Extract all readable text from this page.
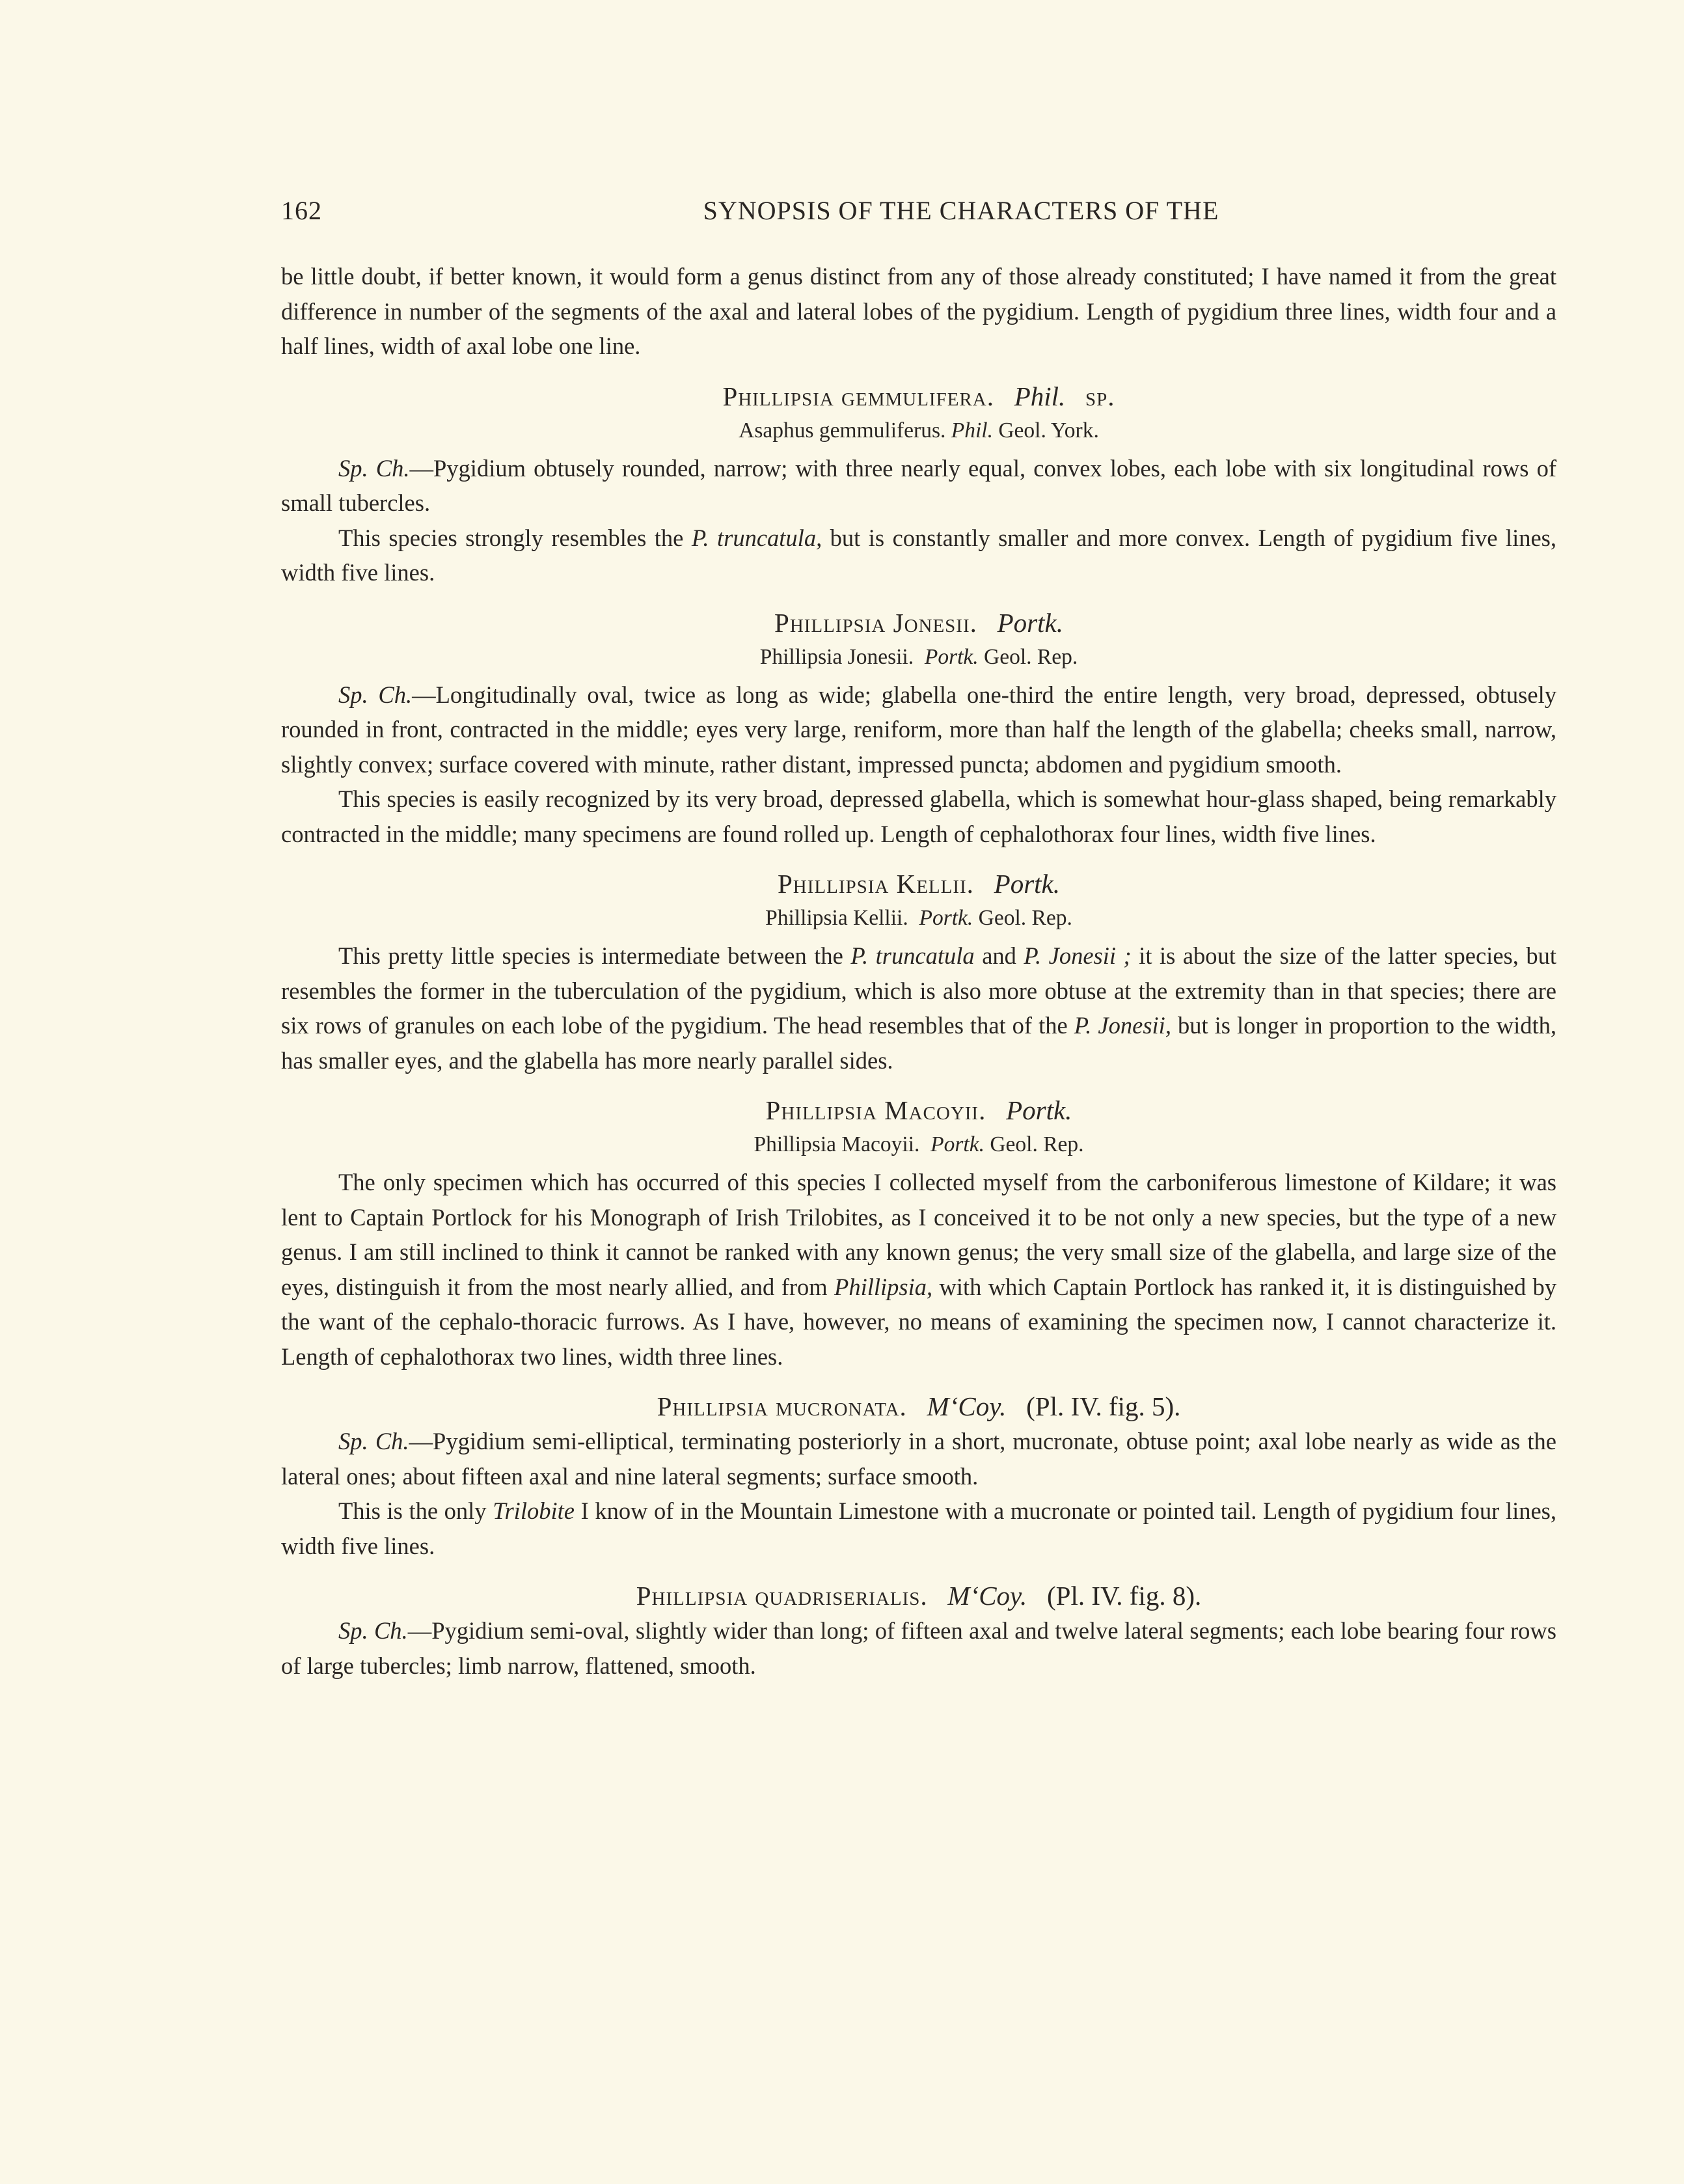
162	SYNOPSIS OF THE CHARACTERS OF THE

be little doubt, if better known, it would form a genus distinct from any of those already constituted; I have named it from the great difference in number of the segments of the axal and lateral lobes of the pygidium. Length of pygidium three lines, width four and a half lines, width of axal lobe one line.

Phillipsia gemmulifera. Phil. sp.
Asaphus gemmuliferus. Phil. Geol. York.

Sp. Ch.—Pygidium obtusely rounded, narrow; with three nearly equal, convex lobes, each lobe with six longitudinal rows of small tubercles.

This species strongly resembles the P. truncatula, but is constantly smaller and more convex. Length of pygidium five lines, width five lines.

Phillipsia Jonesii. Portk.
Phillipsia Jonesii. Portk. Geol. Rep.

Sp. Ch.—Longitudinally oval, twice as long as wide; glabella one-third the entire length, very broad, depressed, obtusely rounded in front, contracted in the middle; eyes very large, reniform, more than half the length of the glabella; cheeks small, narrow, slightly convex; surface covered with minute, rather distant, impressed puncta; abdomen and pygidium smooth.

This species is easily recognized by its very broad, depressed glabella, which is somewhat hour-glass shaped, being remarkably contracted in the middle; many specimens are found rolled up. Length of cephalothorax four lines, width five lines.

Phillipsia Kellii. Portk.
Phillipsia Kellii. Portk. Geol. Rep.

This pretty little species is intermediate between the P. truncatula and P. Jonesii ; it is about the size of the latter species, but resembles the former in the tuberculation of the pygidium, which is also more obtuse at the extremity than in that species; there are six rows of granules on each lobe of the pygidium. The head resembles that of the P. Jonesii, but is longer in proportion to the width, has smaller eyes, and the glabella has more nearly parallel sides.

Phillipsia Macoyii. Portk.
Phillipsia Macoyii. Portk. Geol. Rep.

The only specimen which has occurred of this species I collected myself from the carboniferous limestone of Kildare; it was lent to Captain Portlock for his Monograph of Irish Trilobites, as I conceived it to be not only a new species, but the type of a new genus. I am still inclined to think it cannot be ranked with any known genus; the very small size of the glabella, and large size of the eyes, distinguish it from the most nearly allied, and from Phillipsia, with which Captain Portlock has ranked it, it is distinguished by the want of the cephalo-thoracic furrows. As I have, however, no means of examining the specimen now, I cannot characterize it. Length of cephalothorax two lines, width three lines.

Phillipsia mucronata. M‘Coy. (Pl. IV. fig. 5).

Sp. Ch.—Pygidium semi-elliptical, terminating posteriorly in a short, mucronate, obtuse point; axal lobe nearly as wide as the lateral ones; about fifteen axal and nine lateral segments; surface smooth.

This is the only Trilobite I know of in the Mountain Limestone with a mucronate or pointed tail. Length of pygidium four lines, width five lines.

Phillipsia quadriserialis. M‘Coy. (Pl. IV. fig. 8).

Sp. Ch.—Pygidium semi-oval, slightly wider than long; of fifteen axal and twelve lateral segments; each lobe bearing four rows of large tubercles; limb narrow, flattened, smooth.
